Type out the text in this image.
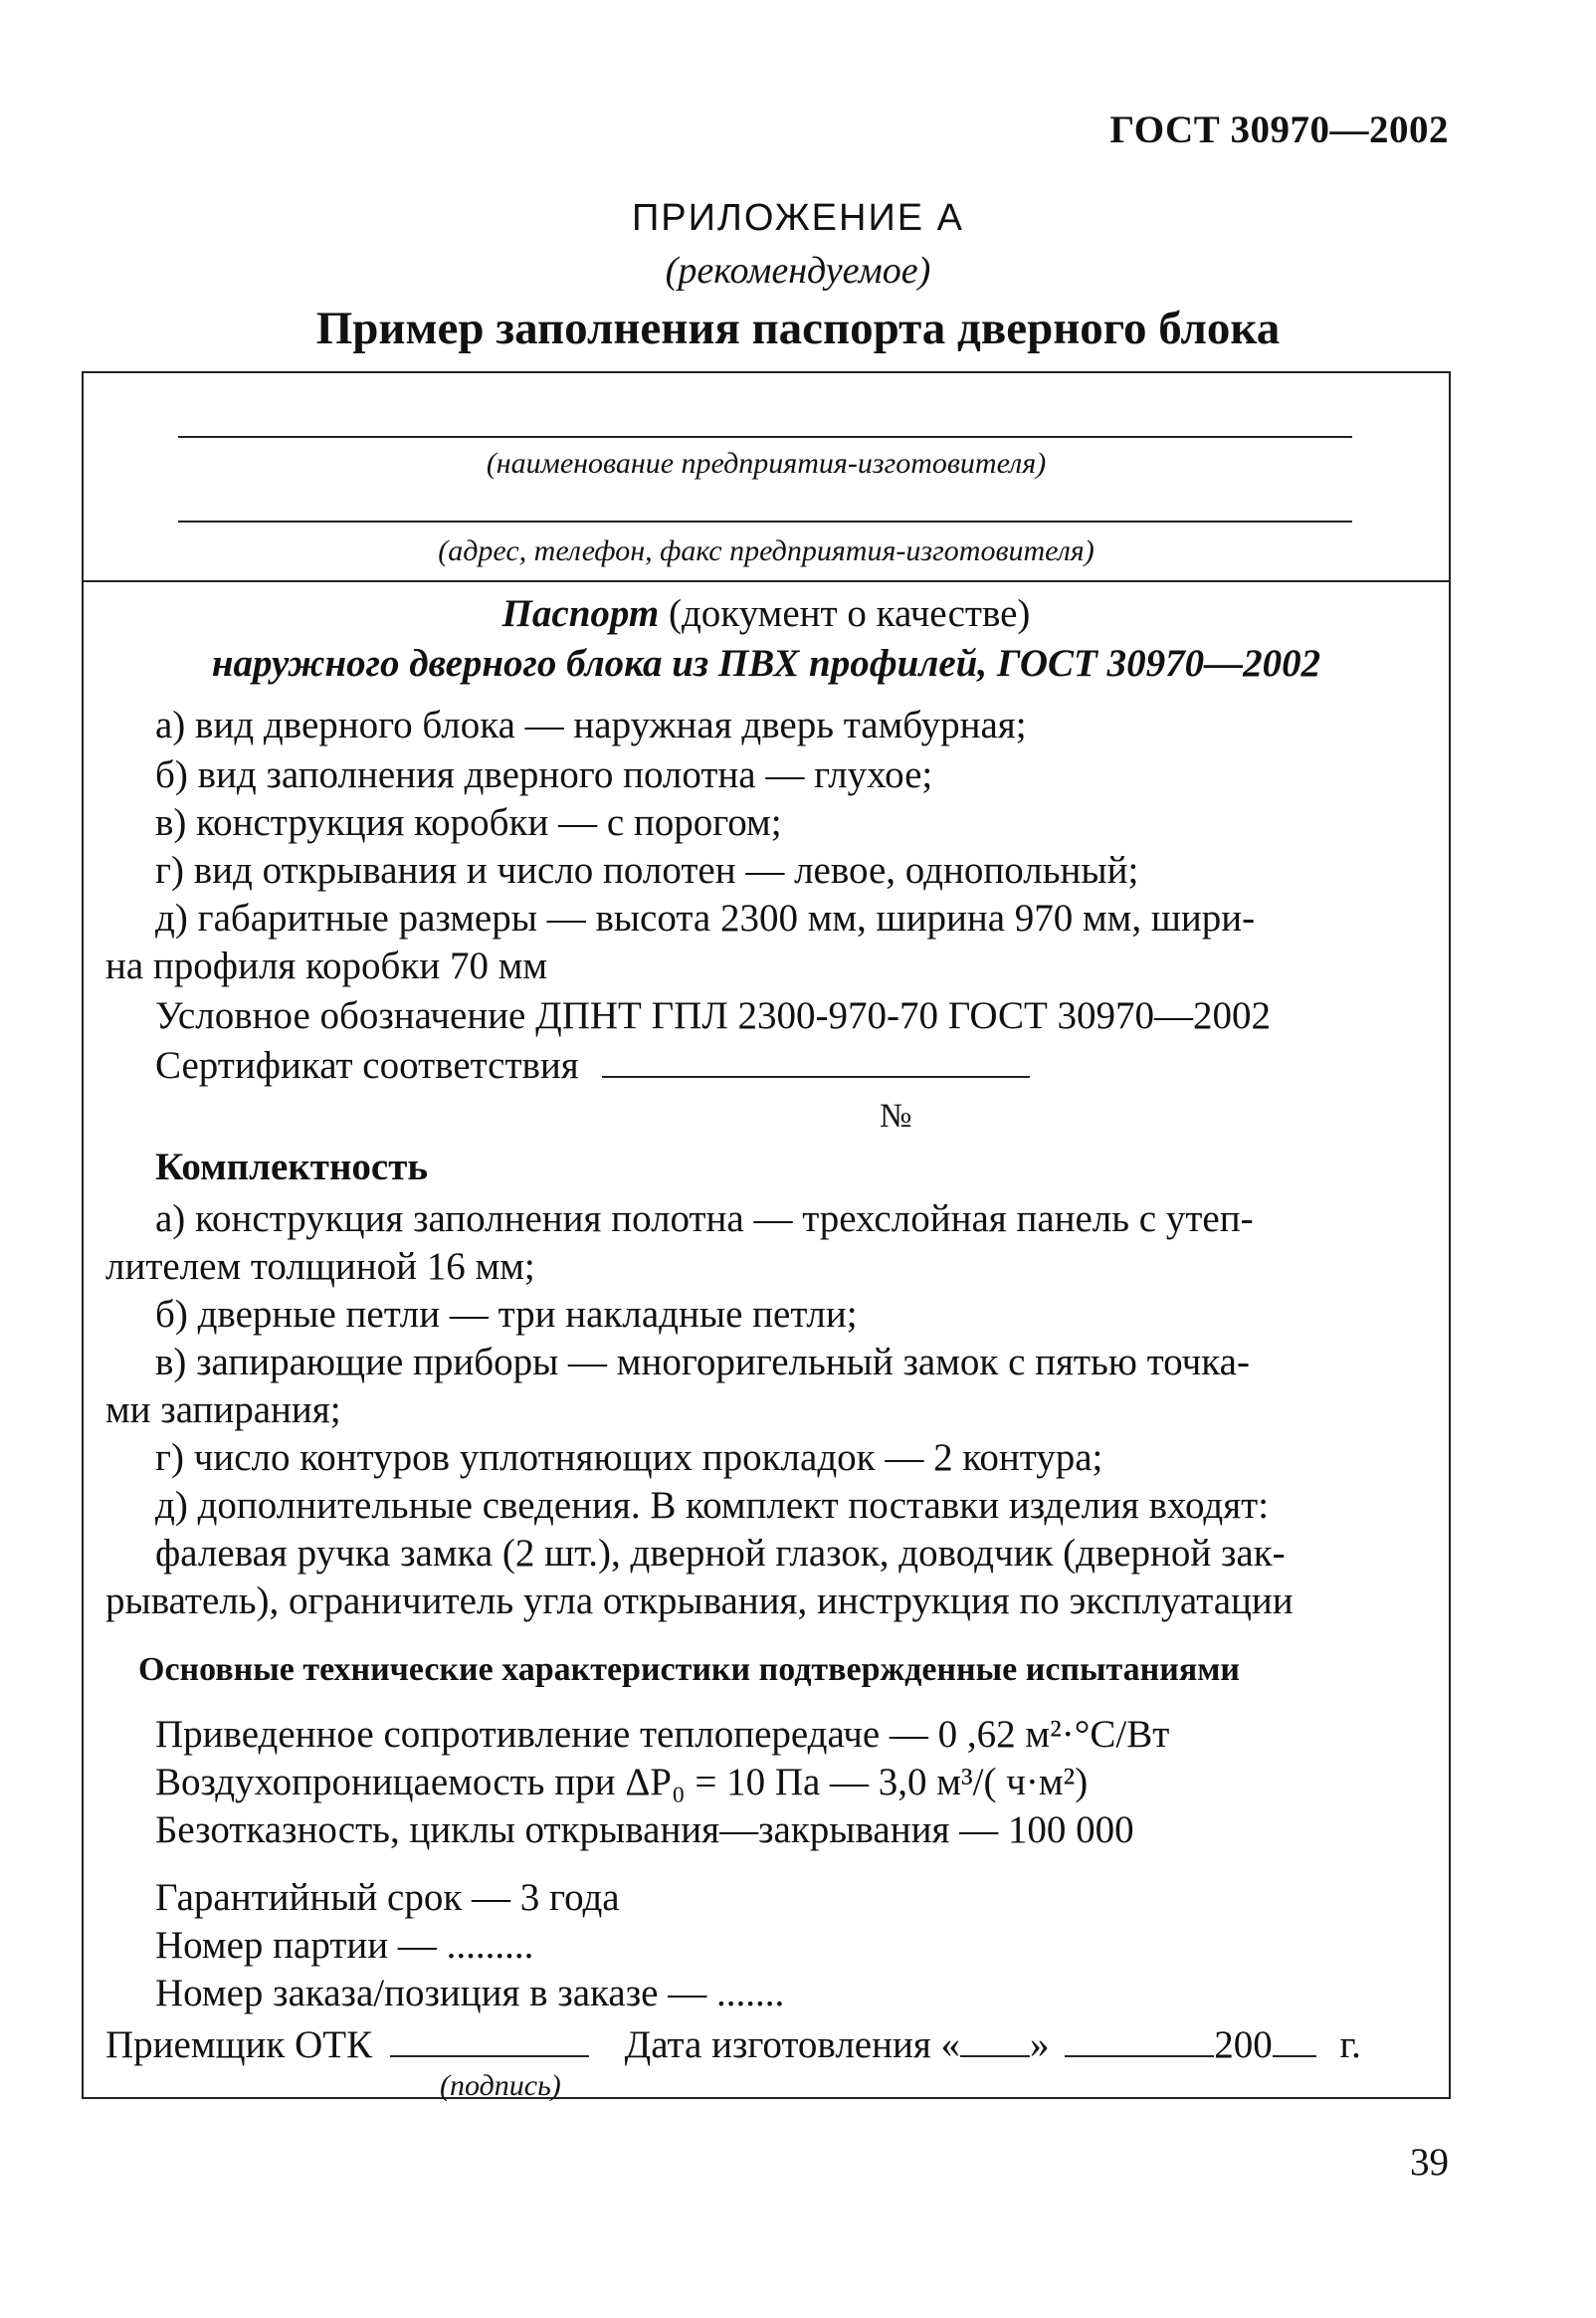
ГОСТ 30970—2002
ПРИЛОЖЕНИЕ А
(рекомендуемое)
Пример заполнения паспорта дверного блока
(наименование предприятия-изготовителя)
(адрес, телефон, факс предприятия-изготовителя)
Паспорт (документ о качестве)
наружного дверного блока из ПВХ профилей, ГОСТ 30970—2002
а) вид дверного блока — наружная дверь тамбурная;
б) вид заполнения дверного полотна — глухое;
в) конструкция коробки — с порогом;
г) вид открывания и число полотен — левое, однопольный;
д) габаритные размеры — высота 2300 мм, ширина 970 мм, шири-
на профиля коробки 70 мм
Условное обозначение ДПНТ ГПЛ 2300-970-70 ГОСТ 30970—2002
Сертификат соответствия
№
Комплектность
а) конструкция заполнения полотна — трехслойная панель с утеп-
лителем толщиной 16 мм;
б) дверные петли — три накладные петли;
в) запирающие приборы — многоригельный замок с пятью точка-
ми запирания;
г) число контуров уплотняющих прокладок — 2 контура;
д) дополнительные сведения. В комплект поставки изделия входят:
фалевая ручка замка (2 шт.), дверной глазок, доводчик (дверной зак-
рыватель), ограничитель угла открывания, инструкция по эксплуатации
Основные технические характеристики подтвержденные испытаниями
Приведенное сопротивление теплопередаче — 0 ,62 м²·°С/Вт
Воздухопроницаемость при ΔP₀ = 10 Па — 3,0 м³/( ч·м²)
Безотказность, циклы открывания—закрывания — 100 000
Гарантийный срок — 3 года
Номер партии — .........
Номер заказа/позиция в заказе — .......
Приемщик ОТК	Дата изготовления « »	200 г.
(подпись)
39
